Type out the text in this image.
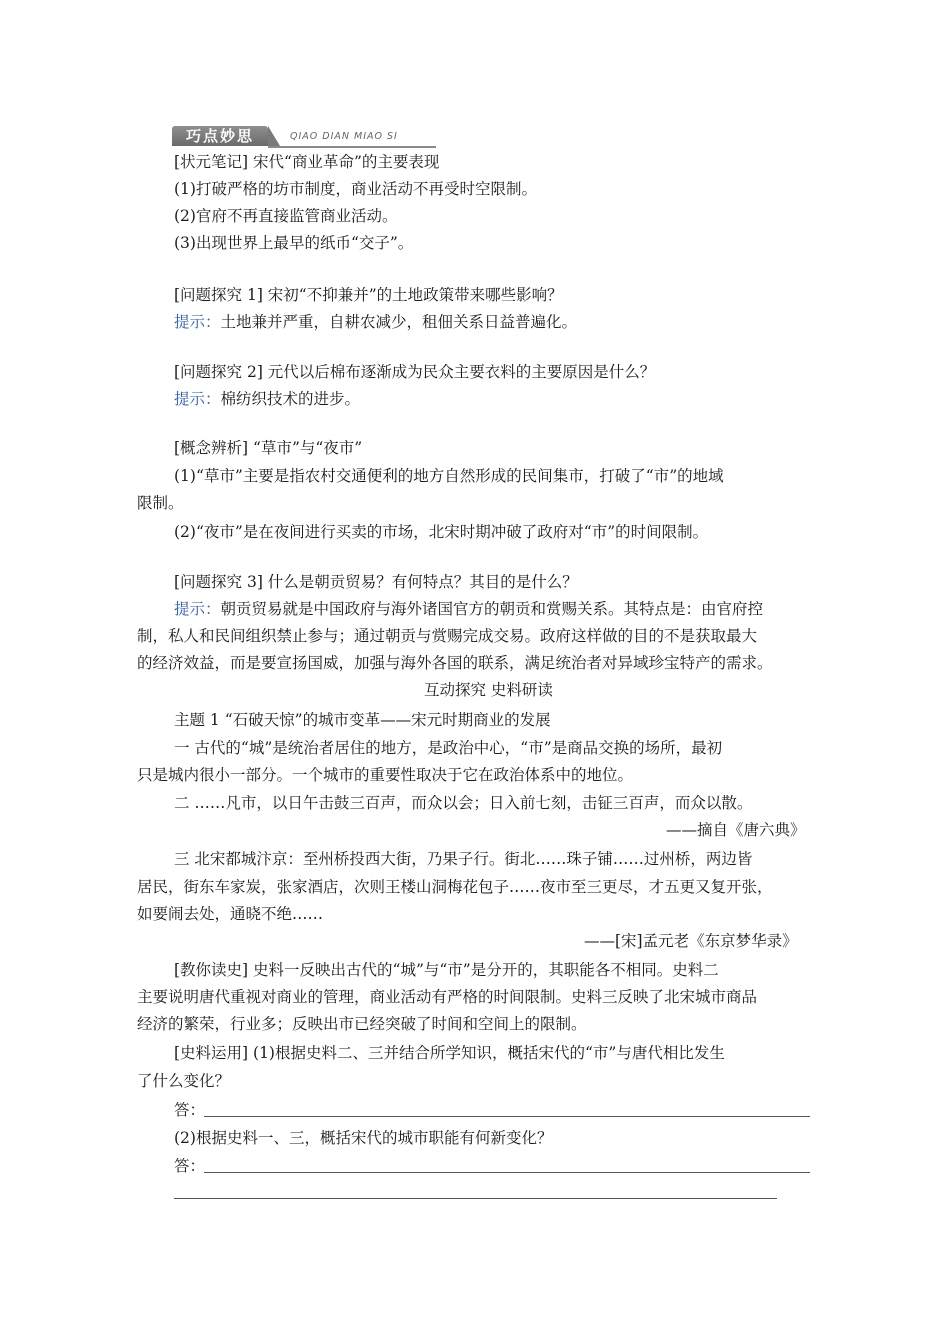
巧点妙思	QIAO DIAN MIAO SI
[状元笔记] 宋代“商业革命”的主要表现
(1)打破严格的坊市制度，商业活动不再受时空限制。
(2)官府不再直接监管商业活动。
(3)出现世界上最早的纸币“交子”。
[问题探究 1] 宋初“不抑兼并”的土地政策带来哪些影响？
提示：土地兼并严重，自耕农减少，租佃关系日益普遍化。
[问题探究 2] 元代以后棉布逐渐成为民众主要衣料的主要原因是什么？
提示：棉纺织技术的进步。
[概念辨析] “草市”与“夜市”
(1)“草市”主要是指农村交通便利的地方自然形成的民间集市，打破了“市”的地域
限制。
(2)“夜市”是在夜间进行买卖的市场，北宋时期冲破了政府对“市”的时间限制。
[问题探究 3] 什么是朝贡贸易？有何特点？其目的是什么？
提示：朝贡贸易就是中国政府与海外诸国官方的朝贡和赏赐关系。其特点是：由官府控
制，私人和民间组织禁止参与；通过朝贡与赏赐完成交易。政府这样做的目的不是获取最大
的经济效益，而是要宣扬国威，加强与海外各国的联系，满足统治者对异域珍宝特产的需求。
互动探究 史料研读
主题 1 “石破天惊”的城市变革——宋元时期商业的发展
一 古代的“城”是统治者居住的地方，是政治中心，“市”是商品交换的场所，最初
只是城内很小一部分。一个城市的重要性取决于它在政治体系中的地位。
二 ……凡市，以日午击鼓三百声，而众以会；日入前七刻，击钲三百声，而众以散。
——摘自《唐六典》
三 北宋都城汴京：至州桥投西大街，乃果子行。街北……珠子铺……过州桥，两边皆
居民，街东车家炭，张家酒店，次则王楼山洞梅花包子……夜市至三更尽，才五更又复开张，
如要闹去处，通晓不绝……
——[宋]孟元老《东京梦华录》
[教你读史] 史料一反映出古代的“城”与“市”是分开的，其职能各不相同。史料二
主要说明唐代重视对商业的管理，商业活动有严格的时间限制。史料三反映了北宋城市商品
经济的繁荣，行业多；反映出市已经突破了时间和空间上的限制。
[史料运用] (1)根据史料二、三并结合所学知识，概括宋代的“市”与唐代相比发生
了什么变化？
答：
(2)根据史料一、三，概括宋代的城市职能有何新变化？
答：
